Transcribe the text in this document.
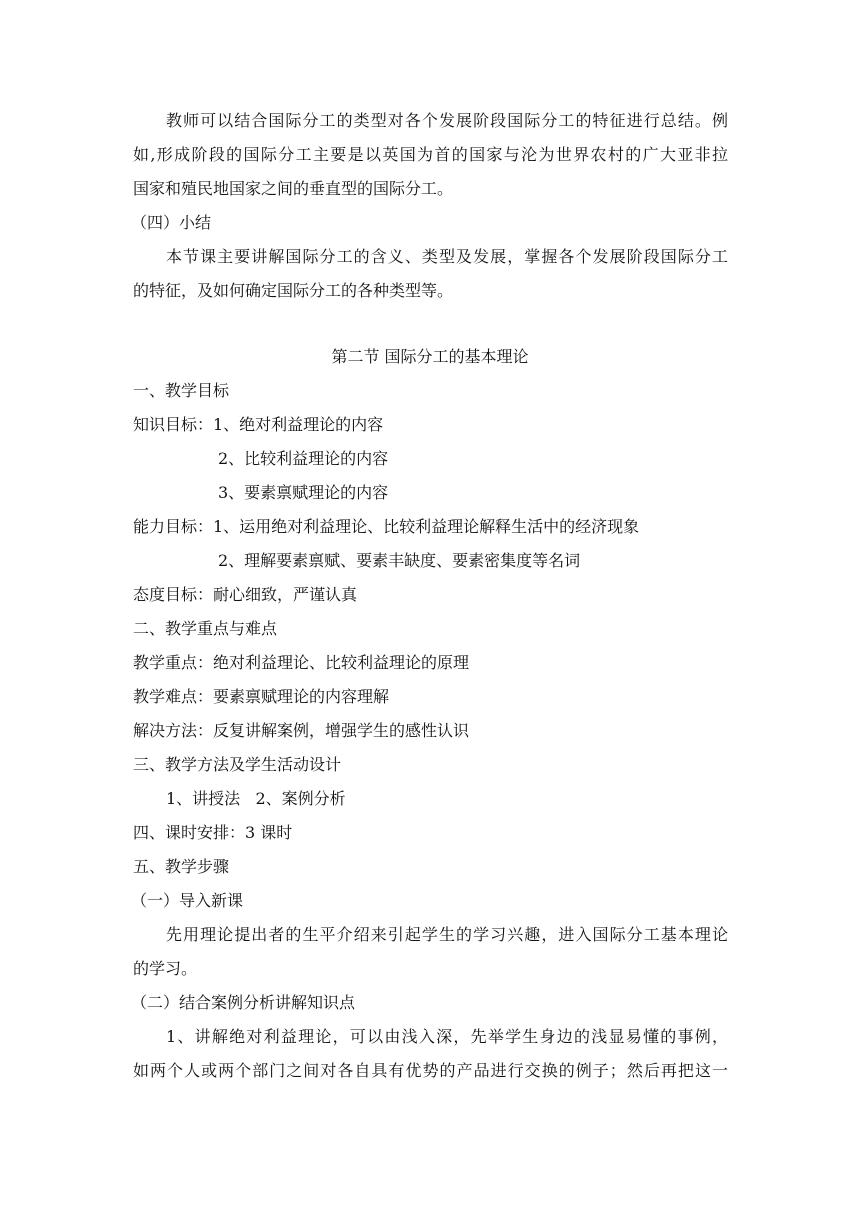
教师可以结合国际分工的类型对各个发展阶段国际分工的特征进行总结。例
如,形成阶段的国际分工主要是以英国为首的国家与沦为世界农村的广大亚非拉
国家和殖民地国家之间的垂直型的国际分工。
（四）小结
本节课主要讲解国际分工的含义、类型及发展，掌握各个发展阶段国际分工
的特征，及如何确定国际分工的各种类型等。
第二节 国际分工的基本理论
一、教学目标
知识目标：1、绝对利益理论的内容
2、比较利益理论的内容
3、要素禀赋理论的内容
能力目标：1、运用绝对利益理论、比较利益理论解释生活中的经济现象
2、理解要素禀赋、要素丰缺度、要素密集度等名词
态度目标：耐心细致，严谨认真
二、教学重点与难点
教学重点：绝对利益理论、比较利益理论的原理
教学难点：要素禀赋理论的内容理解
解决方法：反复讲解案例，增强学生的感性认识
三、教学方法及学生活动设计
1、讲授法   2、案例分析
四、课时安排：3 课时
五、教学步骤
（一）导入新课
先用理论提出者的生平介绍来引起学生的学习兴趣，进入国际分工基本理论
的学习。
（二）结合案例分析讲解知识点
1、讲解绝对利益理论，可以由浅入深，先举学生身边的浅显易懂的事例，
如两个人或两个部门之间对各自具有优势的产品进行交换的例子；然后再把这一
